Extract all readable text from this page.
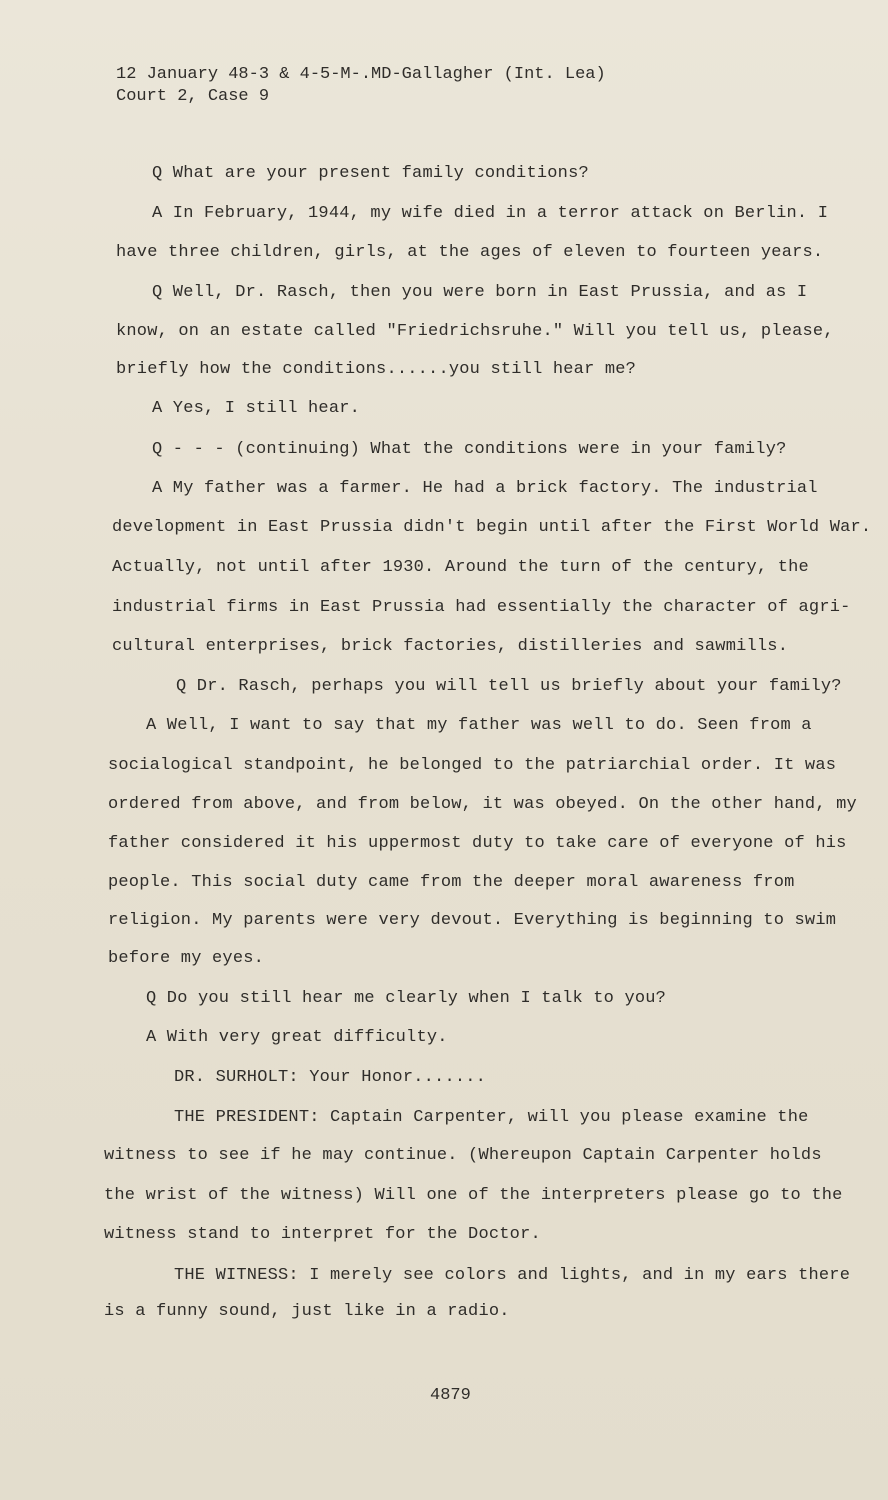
12 January 48-3 & 4-5-M-.MD-Gallagher (Int. Lea)
Court 2, Case 9
Q What are your present family conditions?
A In February, 1944, my wife died in a terror attack on Berlin. I
have three children, girls, at the ages of eleven to fourteen years.
Q Well, Dr. Rasch, then you were born in East Prussia, and as I
know, on an estate called "Friedrichsruhe." Will you tell us, please,
briefly how the conditions......you still hear me?
A Yes, I still hear.
Q - - - (continuing) What the conditions were in your family?
A My father was a farmer. He had a brick factory. The industrial
development in East Prussia didn't begin until after the First World War.
Actually, not until after 1930. Around the turn of the century, the
industrial firms in East Prussia had essentially the character of agri-
cultural enterprises, brick factories, distilleries and sawmills.
Q Dr. Rasch, perhaps you will tell us briefly about your family?
A Well, I want to say that my father was well to do. Seen from a
socialogical standpoint, he belonged to the patriarchial order. It was
ordered from above, and from below, it was obeyed. On the other hand, my
father considered it his uppermost duty to take care of everyone of his
people. This social duty came from the deeper moral awareness from
religion. My parents were very devout. Everything is beginning to swim
before my eyes.
Q Do you still hear me clearly when I talk to you?
A With very great difficulty.
DR. SURHOLT: Your Honor.......
THE PRESIDENT: Captain Carpenter, will you please examine the
witness to see if he may continue. (Whereupon Captain Carpenter holds
the wrist of the witness) Will one of the interpreters please go to the
witness stand to interpret for the Doctor.
THE WITNESS: I merely see colors and lights, and in my ears there
is a funny sound, just like in a radio.
4879
